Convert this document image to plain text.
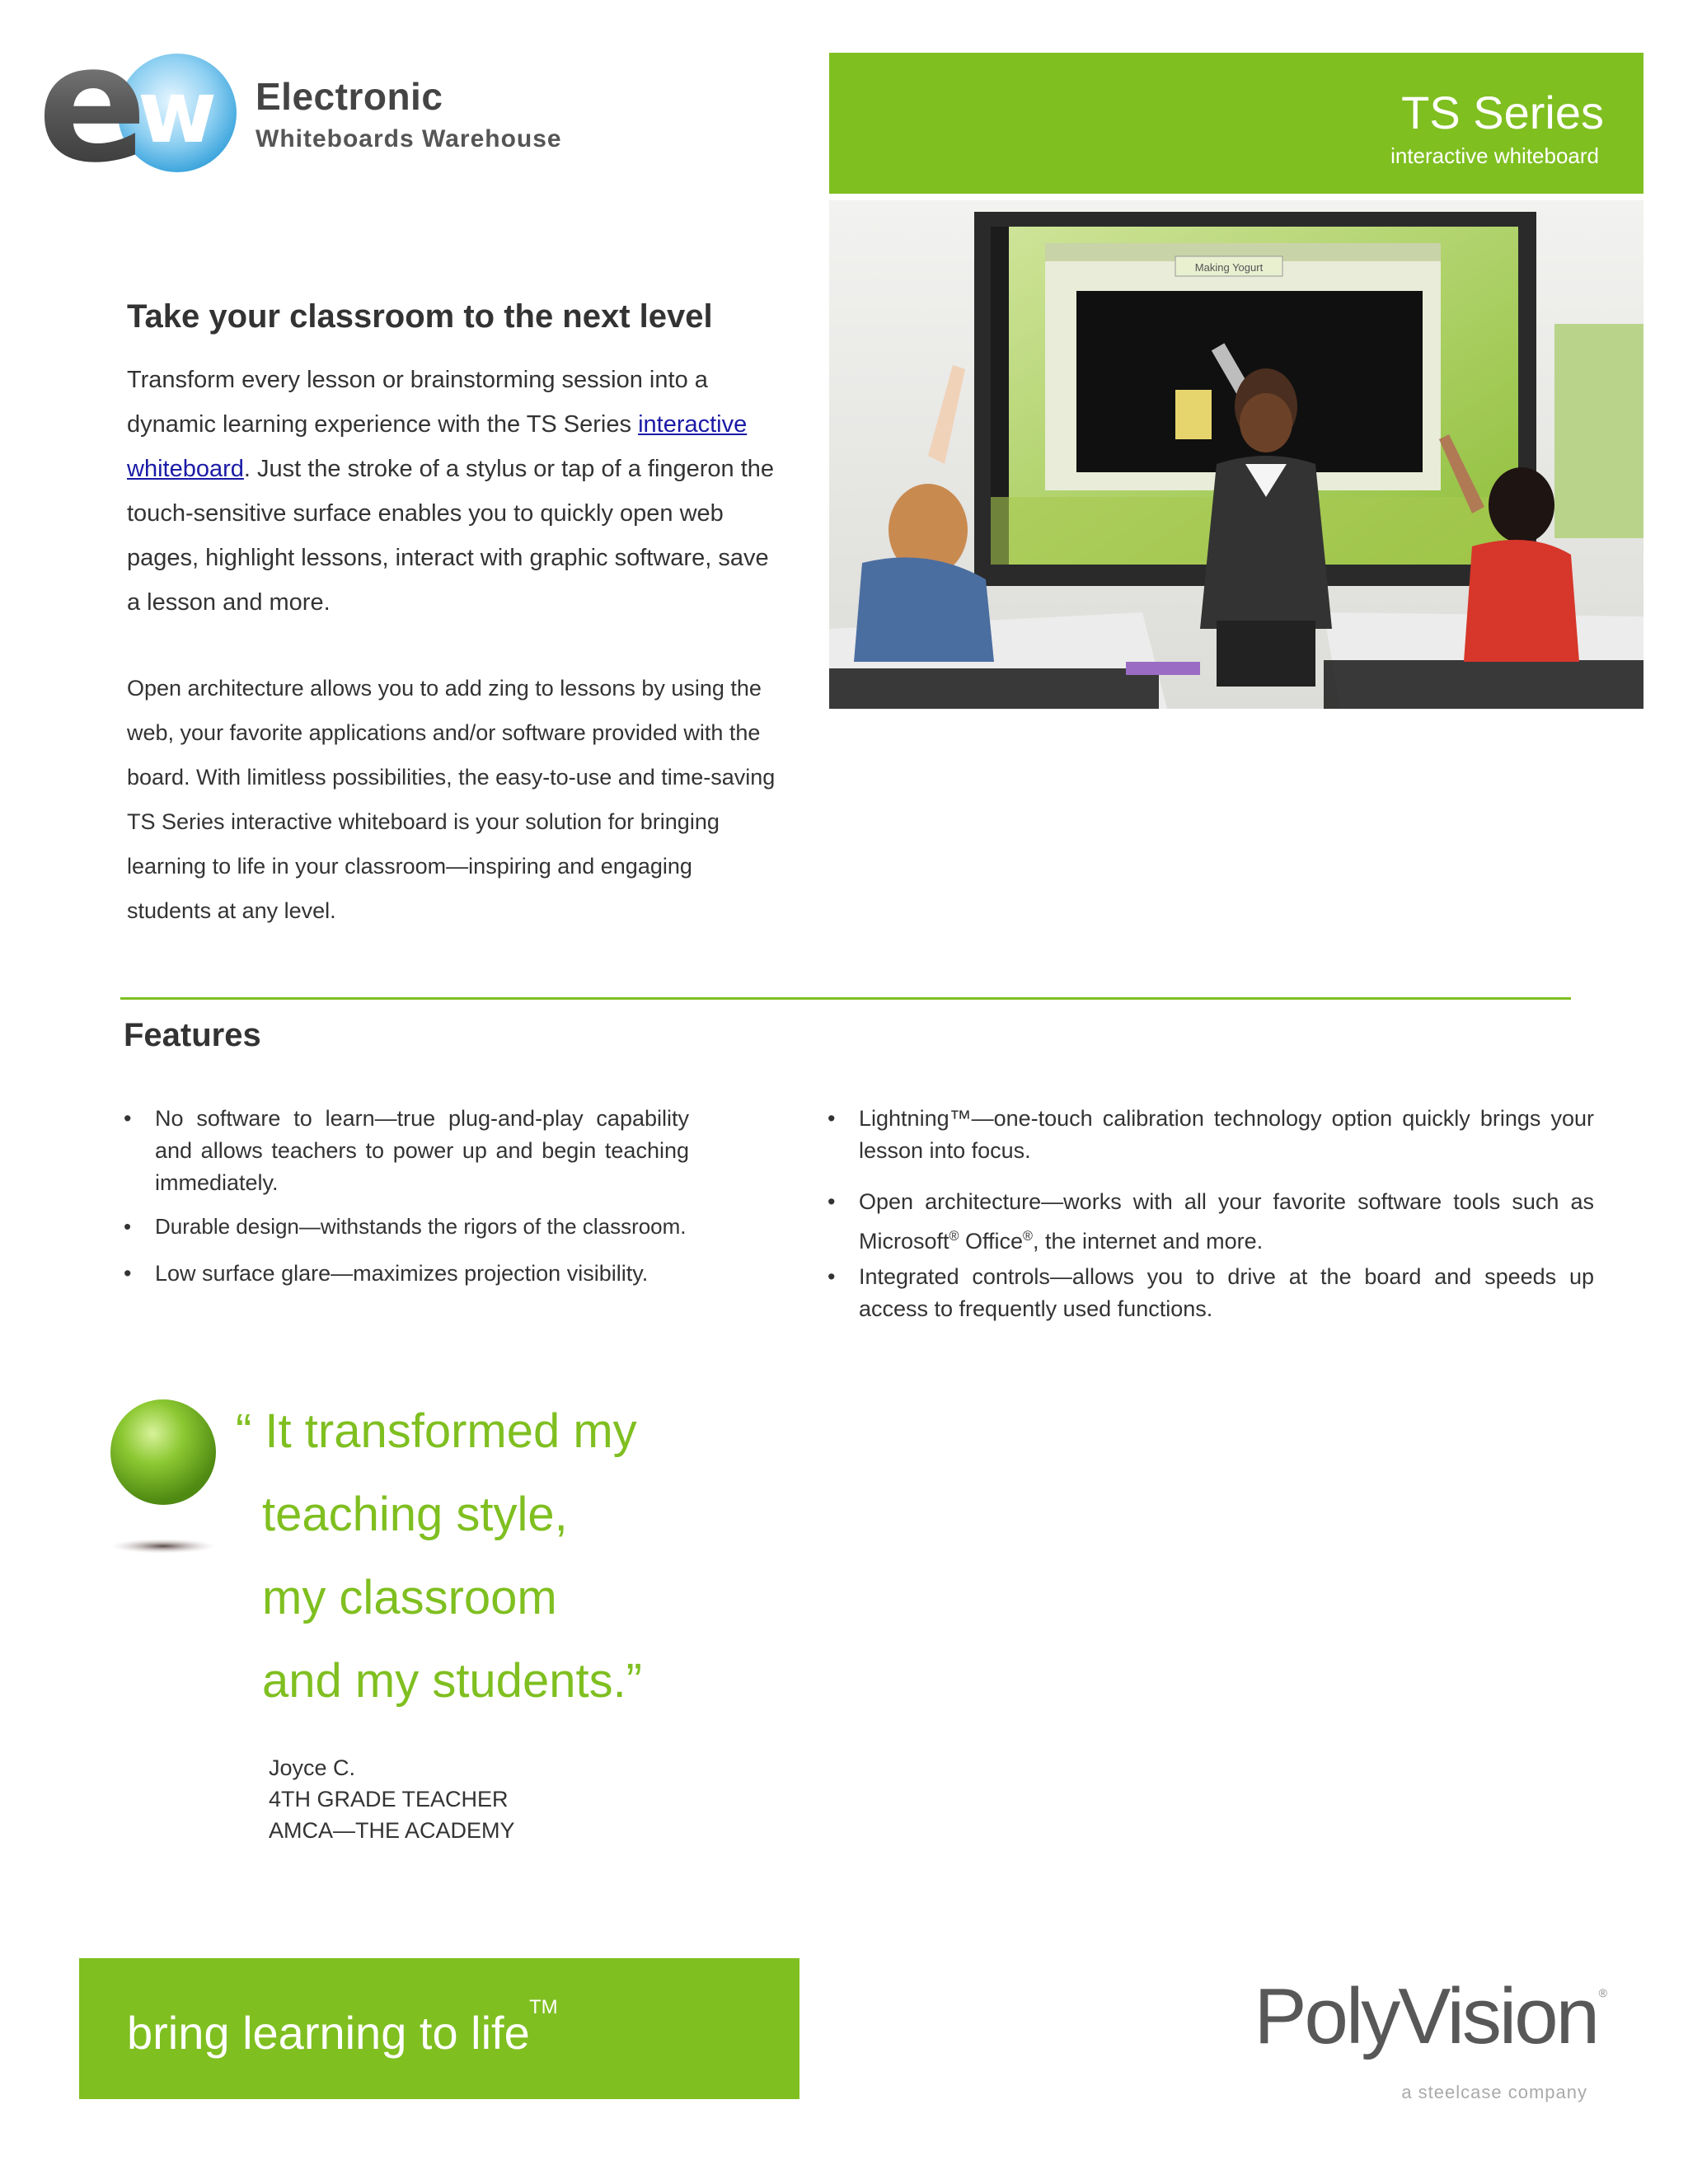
w
e	Electronic
Whiteboards Warehouse
TS Series
interactive whiteboard
Making Yogurt
Take your classroom to the next level

Transform every lesson or brainstorming session into a dynamic learning experience with the TS Series interactive whiteboard. Just the stroke of a stylus or tap of a fingeron the touch-sensitive surface enables you to quickly open web pages, highlight lessons, interact with graphic software, save a lesson and more.

Open architecture allows you to add zing to lessons by using the web, your favorite applications and/or software provided with the board. With limitless possibilities, the easy-to-use and time-saving TS Series interactive whiteboard is your solution for bringing learning to life in your classroom—inspiring and engaging students at any level.

Features
• No software to learn—true plug-and-play capability and allows teachers to power up and begin teaching immediately.
• Durable design—withstands the rigors of the classroom.
• Low surface glare—maximizes projection visibility.
• Lightning™—one-touch calibration technology option quickly brings your lesson into focus.
• Open architecture—works with all your favorite software tools such as Microsoft® Office®, the internet and more.
• Integrated controls—allows you to drive at the board and speeds up access to frequently used functions.
“ It transformed my
teaching style,
my classroom
and my students.”
Joyce C.
4TH GRADE TEACHER
AMCA—THE ACADEMY
bring learning to life TM	PolyVision ®
a steelcase company
